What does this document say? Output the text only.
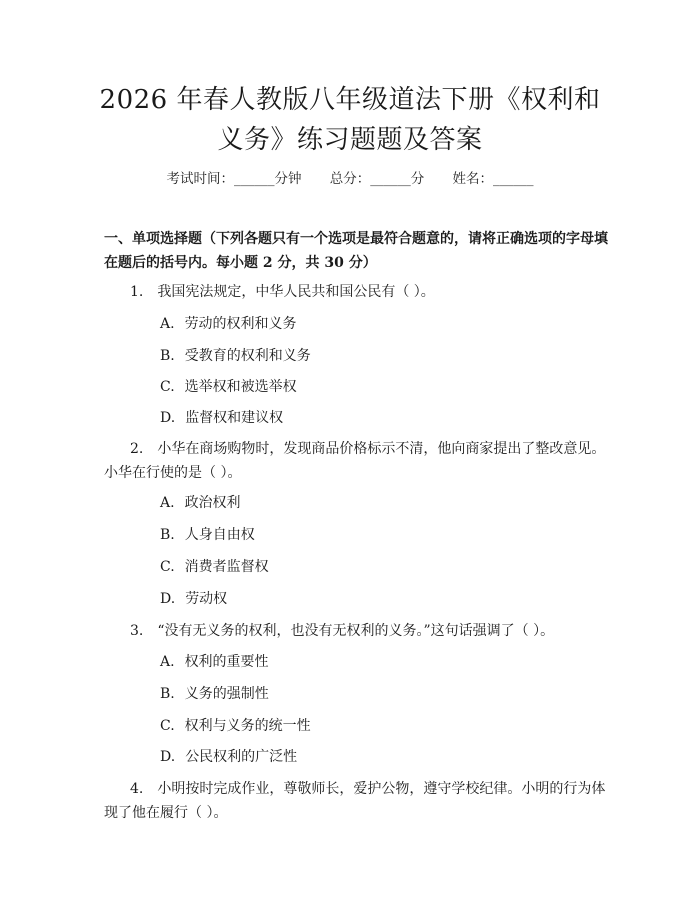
2026 年春人教版八年级道法下册《权利和义务》练习题题及答案
考试时间：______分钟 总分：______分 姓名：______

一、单项选择题（下列各题只有一个选项是最符合题意的，请将正确选项的字母填在题后的括号内。每小题 2 分，共 30 分）

1. 我国宪法规定，中华人民共和国公民有（ ）。

A. 劳动的权利和义务

B. 受教育的权利和义务

C. 选举权和被选举权

D. 监督权和建议权

2. 小华在商场购物时，发现商品价格标示不清，他向商家提出了整改意见。小华在行使的是（ ）。

A. 政治权利

B. 人身自由权

C. 消费者监督权

D. 劳动权

3. “没有无义务的权利，也没有无权利的义务。”这句话强调了（ ）。

A. 权利的重要性

B. 义务的强制性

C. 权利与义务的统一性

D. 公民权利的广泛性

4. 小明按时完成作业，尊敬师长，爱护公物，遵守学校纪律。小明的行为体现了他在履行（ ）。
